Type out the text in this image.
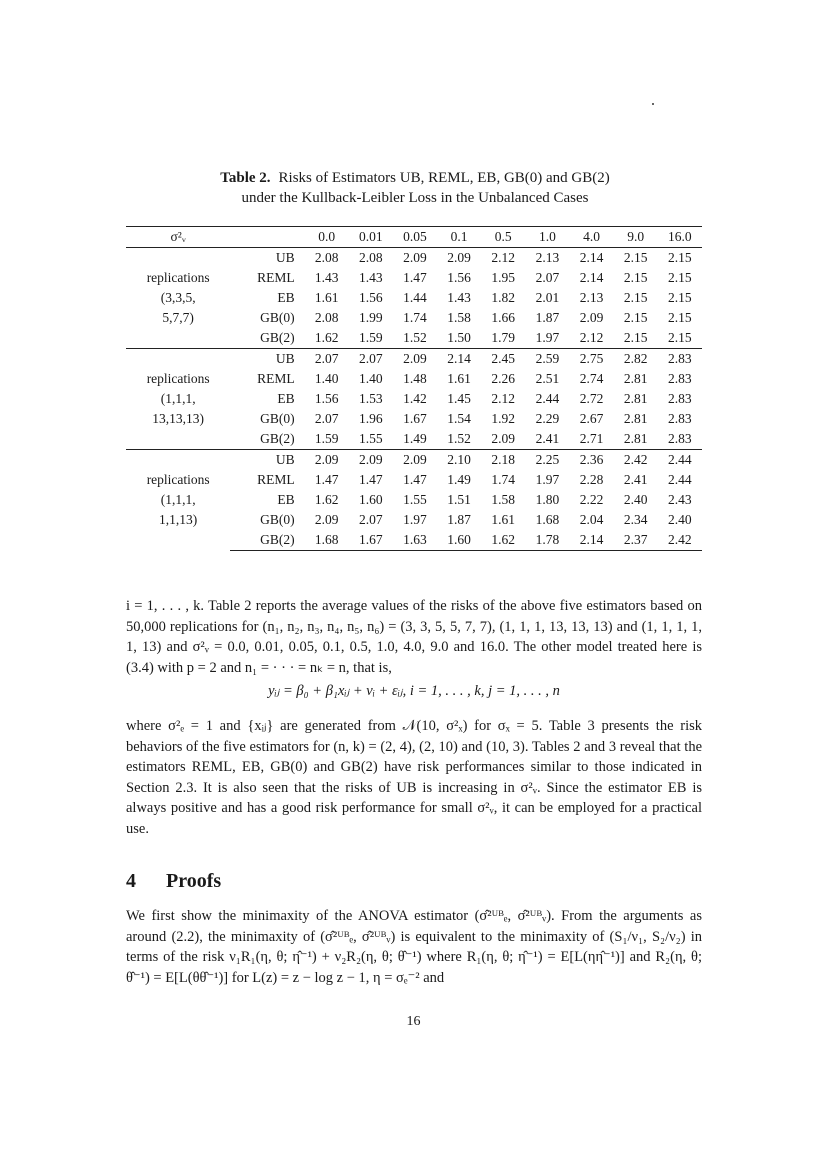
Table 2. Risks of Estimators UB, REML, EB, GB(0) and GB(2)
under the Kullback-Leibler Loss in the Unbalanced Cases
σ²ᵥ		0.0	0.01	0.05	0.1	0.5	1.0	4.0	9.0	16.0

replications
(3,3,5,
5,7,7)	UB	2.08	2.08	2.09	2.09	2.12	2.13	2.14	2.15	2.15
	REML	1.43	1.43	1.47	1.56	1.95	2.07	2.14	2.15	2.15
	EB	1.61	1.56	1.44	1.43	1.82	2.01	2.13	2.15	2.15
	GB(0)	2.08	1.99	1.74	1.58	1.66	1.87	2.09	2.15	2.15
	GB(2)	1.62	1.59	1.52	1.50	1.79	1.97	2.12	2.15	2.15

replications
(1,1,1,
13,13,13)	UB	2.07	2.07	2.09	2.14	2.45	2.59	2.75	2.82	2.83
	REML	1.40	1.40	1.48	1.61	2.26	2.51	2.74	2.81	2.83
	EB	1.56	1.53	1.42	1.45	2.12	2.44	2.72	2.81	2.83
	GB(0)	2.07	1.96	1.67	1.54	1.92	2.29	2.67	2.81	2.83
	GB(2)	1.59	1.55	1.49	1.52	2.09	2.41	2.71	2.81	2.83

replications
(1,1,1,
1,1,13)	UB	2.09	2.09	2.09	2.10	2.18	2.25	2.36	2.42	2.44
	REML	1.47	1.47	1.47	1.49	1.74	1.97	2.28	2.41	2.44
	EB	1.62	1.60	1.55	1.51	1.58	1.80	2.22	2.40	2.43
	GB(0)	2.09	2.07	1.97	1.87	1.61	1.68	2.04	2.34	2.40
	GB(2)	1.68	1.67	1.63	1.60	1.62	1.78	2.14	2.37	2.42
i = 1, . . . , k. Table 2 reports the average values of the risks of the above five estimators based on 50,000 replications for (n₁, n₂, n₃, n₄, n₅, n₆) = (3, 3, 5, 5, 7, 7), (1, 1, 1, 13, 13, 13) and (1, 1, 1, 1, 1, 13) and σ²ᵥ = 0.0, 0.01, 0.05, 0.1, 0.5, 1.0, 4.0, 9.0 and 16.0. The other model treated here is (3.4) with p = 2 and n₁ = · · · = nₖ = n, that is,
yᵢⱼ = β₀ + β₁xᵢⱼ + vᵢ + εᵢⱼ, i = 1, . . . , k, j = 1, . . . , n
where σ²ₑ = 1 and {xᵢⱼ} are generated from 𝒩(10, σ²ₓ) for σₓ = 5. Table 3 presents the risk behaviors of the five estimators for (n, k) = (2, 4), (2, 10) and (10, 3). Tables 2 and 3 reveal that the estimators REML, EB, GB(0) and GB(2) have risk performances similar to those indicated in Section 2.3. It is also seen that the risks of UB is increasing in σ²ᵥ. Since the estimator EB is always positive and has a good risk performance for small σ²ᵥ, it can be employed for a practical use.
4 Proofs
We first show the minimaxity of the ANOVA estimator (σ̂²ᵁᴮₑ, σ̂²ᵁᴮᵥ). From the arguments as around (2.2), the minimaxity of (σ̂²ᵁᴮₑ, σ̂²ᵁᴮᵥ) is equivalent to the minimaxity of (S₁/ν₁, S₂/ν₂) in terms of the risk ν₁R₁(η, θ; η̂⁻¹) + ν₂R₂(η, θ; θ̂⁻¹) where R₁(η, θ; η̂⁻¹) = E[L(ηη̂⁻¹)] and R₂(η, θ; θ̂⁻¹) = E[L(θθ̂⁻¹)] for L(z) = z − log z − 1, η = σₑ⁻² and
16
